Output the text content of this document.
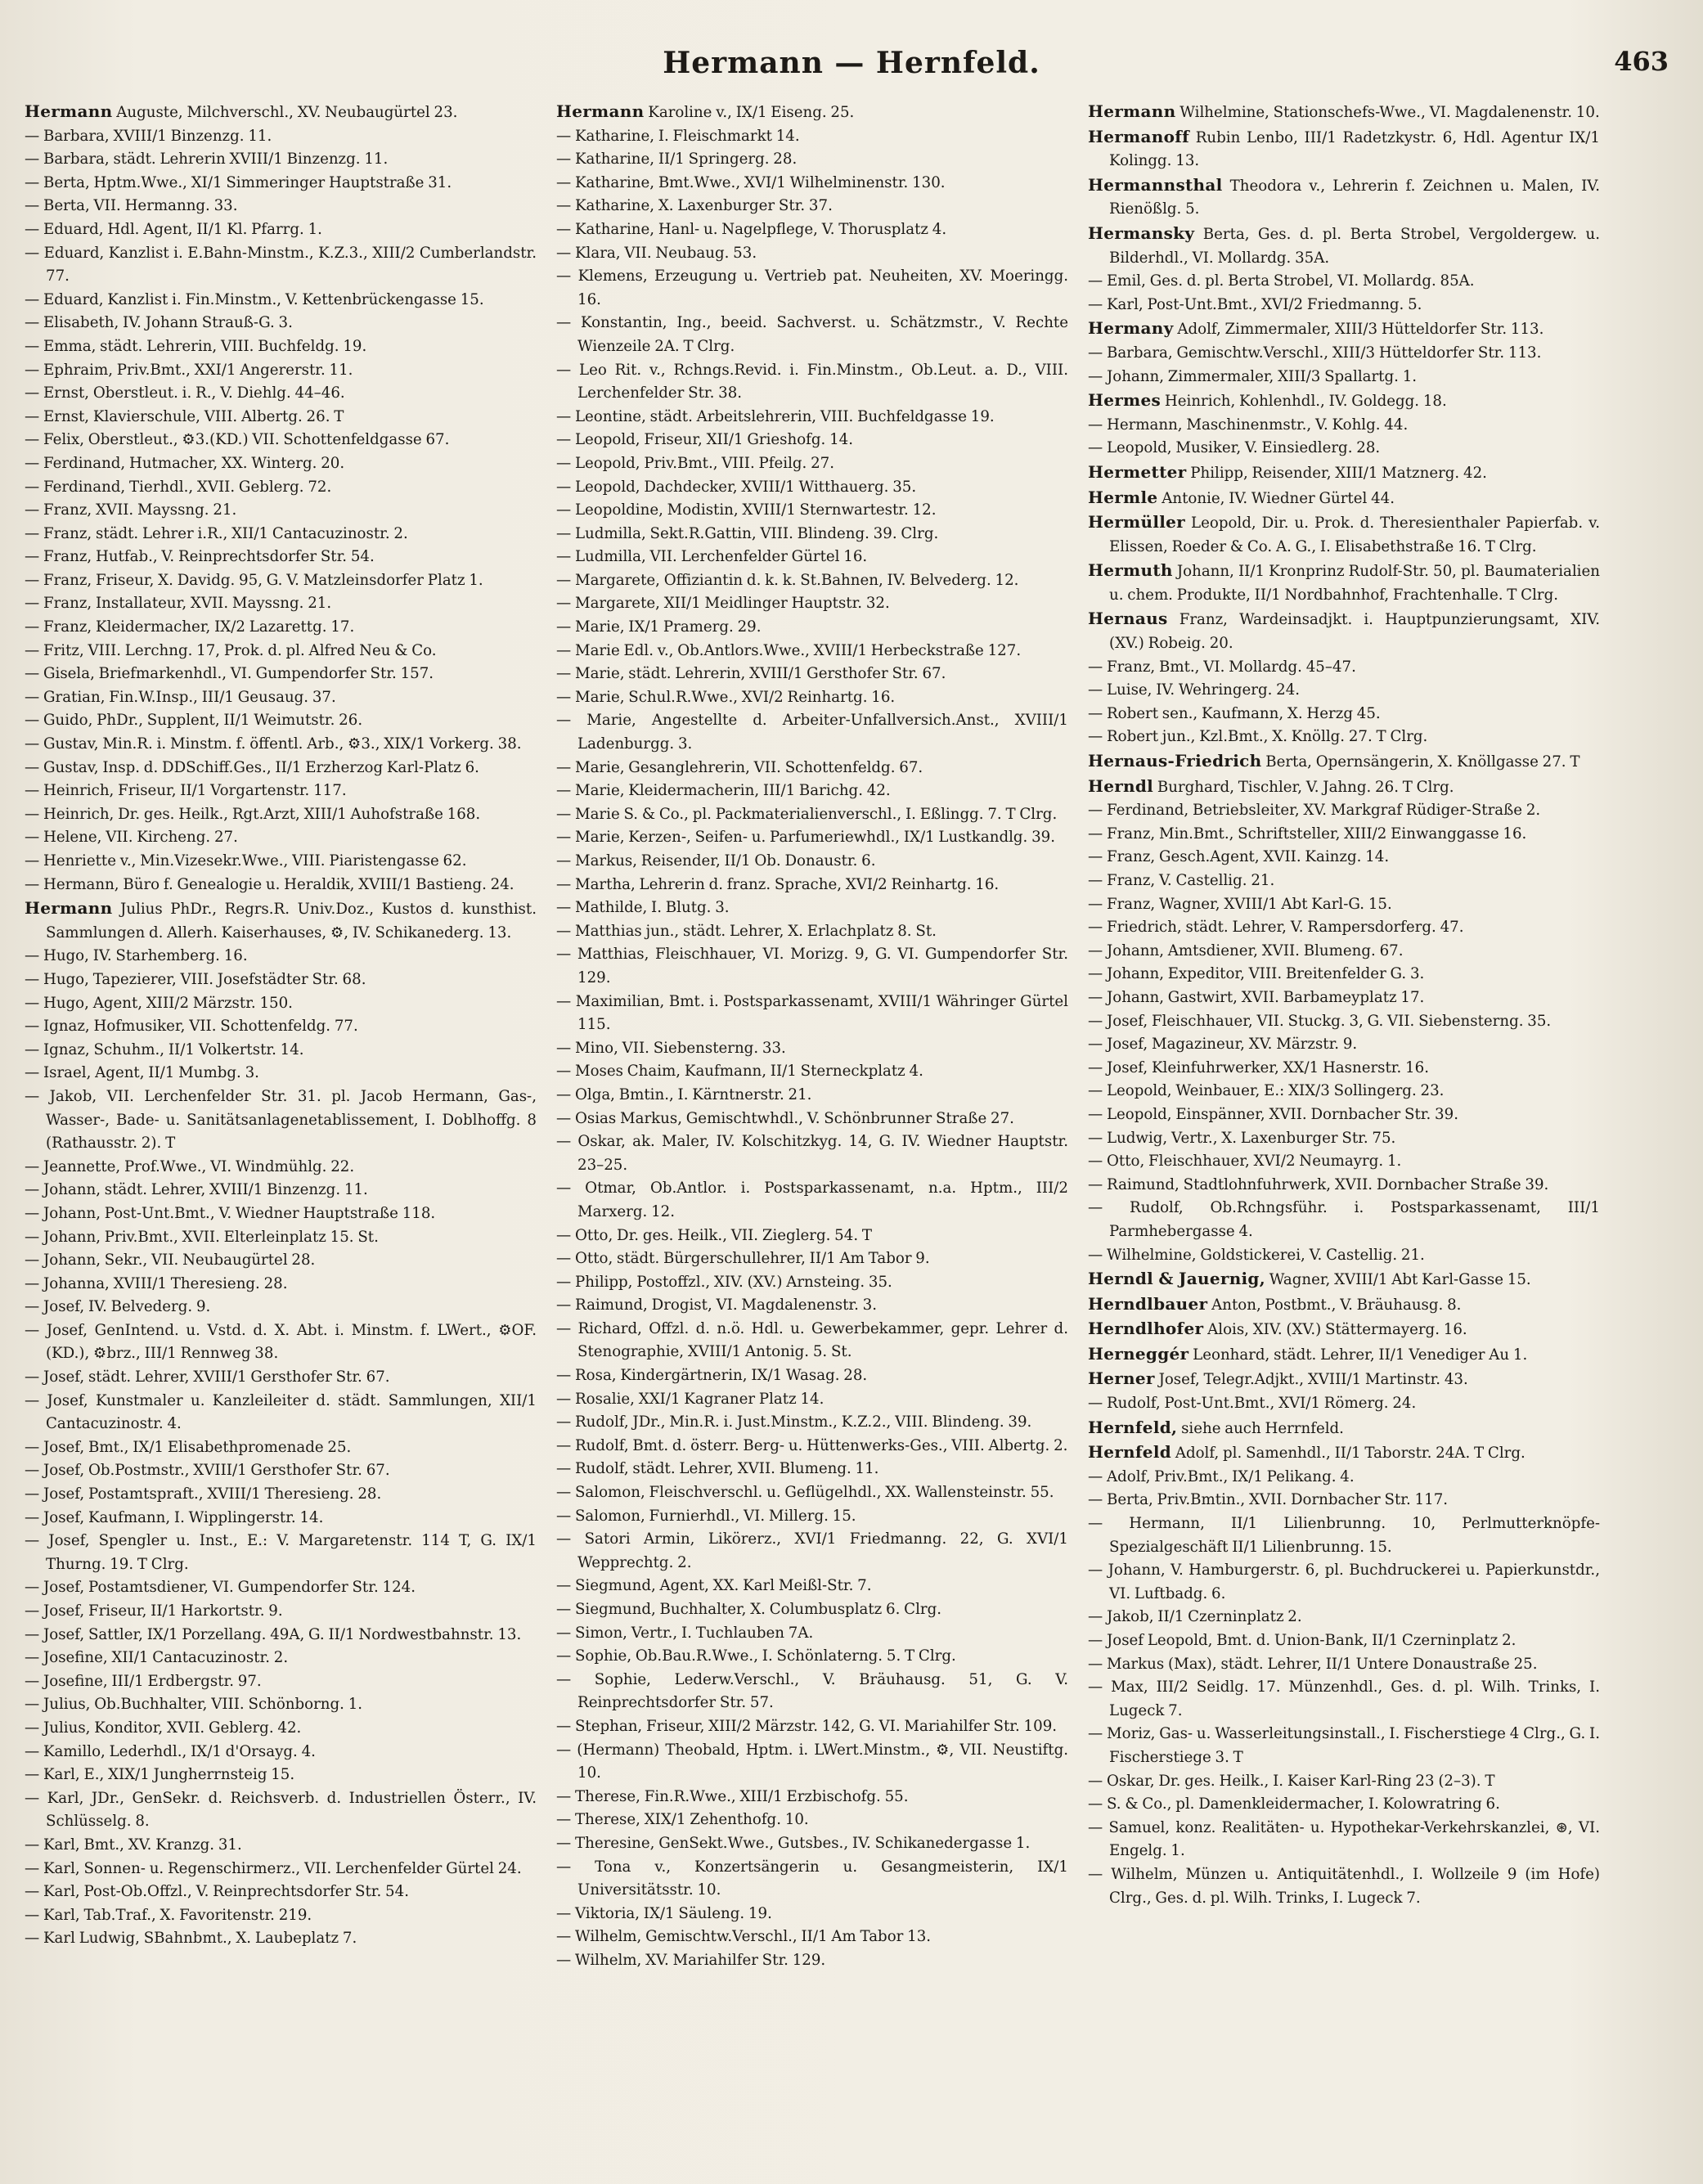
Hermann — Hernfeld.	463

Hermann Auguste, Milchverschl., XV. Neubaugürtel 23.

— Barbara, XVIII/1 Binzenzg. 11.

— Barbara, städt. Lehrerin XVIII/1 Binzenzg. 11.

— Berta, Hptm.Wwe., XI/1 Simmeringer Hauptstraße 31.

— Berta, VII. Hermanng. 33.

— Eduard, Hdl. Agent, II/1 Kl. Pfarrg. 1.

— Eduard, Kanzlist i. E.Bahn-Minstm., K.Z.3., XIII/2 Cumberlandstr. 77.

— Eduard, Kanzlist i. Fin.Minstm., V. Kettenbrückengasse 15.

— Elisabeth, IV. Johann Strauß-G. 3.

— Emma, städt. Lehrerin, VIII. Buchfeldg. 19.

— Ephraim, Priv.Bmt., XXI/1 Angererstr. 11.

— Ernst, Oberstleut. i. R., V. Diehlg. 44–46.

— Ernst, Klavierschule, VIII. Albertg. 26. T

— Felix, Oberstleut., ⚙3.(KD.) VII. Schottenfeldgasse 67.

— Ferdinand, Hutmacher, XX. Winterg. 20.

— Ferdinand, Tierhdl., XVII. Geblerg. 72.

— Franz, XVII. Mayssng. 21.

— Franz, städt. Lehrer i.R., XII/1 Cantacuzinostr. 2.

— Franz, Hutfab., V. Reinprechtsdorfer Str. 54.

— Franz, Friseur, X. Davidg. 95, G. V. Matzleinsdorfer Platz 1.

— Franz, Installateur, XVII. Mayssng. 21.

— Franz, Kleidermacher, IX/2 Lazarettg. 17.

— Fritz, VIII. Lerchng. 17, Prok. d. pl. Alfred Neu & Co.

— Gisela, Briefmarkenhdl., VI. Gumpendorfer Str. 157.

— Gratian, Fin.W.Insp., III/1 Geusaug. 37.

— Guido, PhDr., Supplent, II/1 Weimutstr. 26.

— Gustav, Min.R. i. Minstm. f. öffentl. Arb., ⚙3., XIX/1 Vorkerg. 38.

— Gustav, Insp. d. DDSchiff.Ges., II/1 Erzherzog Karl-Platz 6.

— Heinrich, Friseur, II/1 Vorgartenstr. 117.

— Heinrich, Dr. ges. Heilk., Rgt.Arzt, XIII/1 Auhofstraße 168.

— Helene, VII. Kircheng. 27.

— Henriette v., Min.Vizesekr.Wwe., VIII. Piaristengasse 62.

— Hermann, Büro f. Genealogie u. Heraldik, XVIII/1 Bastieng. 24.

Hermann Julius PhDr., Regrs.R. Univ.Doz., Kustos d. kunsthist. Sammlungen d. Allerh. Kaiserhauses, ⚙, IV. Schikanederg. 13.

— Hugo, IV. Starhemberg. 16.

— Hugo, Tapezierer, VIII. Josefstädter Str. 68.

— Hugo, Agent, XIII/2 Märzstr. 150.

— Ignaz, Hofmusiker, VII. Schottenfeldg. 77.

— Ignaz, Schuhm., II/1 Volkertstr. 14.

— Israel, Agent, II/1 Mumbg. 3.

— Jakob, VII. Lerchenfelder Str. 31. pl. Jacob Hermann, Gas-, Wasser-, Bade- u. Sanitätsanlagenetablissement, I. Doblhoffg. 8 (Rathausstr. 2). T

— Jeannette, Prof.Wwe., VI. Windmühlg. 22.

— Johann, städt. Lehrer, XVIII/1 Binzenzg. 11.

— Johann, Post-Unt.Bmt., V. Wiedner Hauptstraße 118.

— Johann, Priv.Bmt., XVII. Elterleinplatz 15. St.

— Johann, Sekr., VII. Neubaugürtel 28.

— Johanna, XVIII/1 Theresieng. 28.

— Josef, IV. Belvederg. 9.

— Josef, GenIntend. u. Vstd. d. X. Abt. i. Minstm. f. LWert., ⚙OF. (KD.), ⚙brz., III/1 Rennweg 38.

— Josef, städt. Lehrer, XVIII/1 Gersthofer Str. 67.

— Josef, Kunstmaler u. Kanzleileiter d. städt. Sammlungen, XII/1 Cantacuzinostr. 4.

— Josef, Bmt., IX/1 Elisabethpromenade 25.

— Josef, Ob.Postmstr., XVIII/1 Gersthofer Str. 67.

— Josef, Postamtspraft., XVIII/1 Theresieng. 28.

— Josef, Kaufmann, I. Wipplingerstr. 14.

— Josef, Spengler u. Inst., E.: V. Margaretenstr. 114 T, G. IX/1 Thurng. 19. T Clrg.

— Josef, Postamtsdiener, VI. Gumpendorfer Str. 124.

— Josef, Friseur, II/1 Harkortstr. 9.

— Josef, Sattler, IX/1 Porzellang. 49A, G. II/1 Nordwestbahnstr. 13.

— Josefine, XII/1 Cantacuzinostr. 2.

— Josefine, III/1 Erdbergstr. 97.

— Julius, Ob.Buchhalter, VIII. Schönborng. 1.

— Julius, Konditor, XVII. Geblerg. 42.

— Kamillo, Lederhdl., IX/1 d'Orsayg. 4.

— Karl, E., XIX/1 Jungherrnsteig 15.

— Karl, JDr., GenSekr. d. Reichsverb. d. Industriellen Österr., IV. Schlüsselg. 8.

— Karl, Bmt., XV. Kranzg. 31.

— Karl, Sonnen- u. Regenschirmerz., VII. Lerchenfelder Gürtel 24.

— Karl, Post-Ob.Offzl., V. Reinprechtsdorfer Str. 54.

— Karl, Tab.Traf., X. Favoritenstr. 219.

— Karl Ludwig, SBahnbmt., X. Laubeplatz 7.

Hermann Karoline v., IX/1 Eiseng. 25.

— Katharine, I. Fleischmarkt 14.

— Katharine, II/1 Springerg. 28.

— Katharine, Bmt.Wwe., XVI/1 Wilhelminenstr. 130.

— Katharine, X. Laxenburger Str. 37.

— Katharine, Hanl- u. Nagelpflege, V. Thorusplatz 4.

— Klara, VII. Neubaug. 53.

— Klemens, Erzeugung u. Vertrieb pat. Neuheiten, XV. Moeringg. 16.

— Konstantin, Ing., beeid. Sachverst. u. Schätzmstr., V. Rechte Wienzeile 2A. T Clrg.

— Leo Rit. v., Rchngs.Revid. i. Fin.Minstm., Ob.Leut. a. D., VIII. Lerchenfelder Str. 38.

— Leontine, städt. Arbeitslehrerin, VIII. Buchfeldgasse 19.

— Leopold, Friseur, XII/1 Grieshofg. 14.

— Leopold, Priv.Bmt., VIII. Pfeilg. 27.

— Leopold, Dachdecker, XVIII/1 Witthauerg. 35.

— Leopoldine, Modistin, XVIII/1 Sternwartestr. 12.

— Ludmilla, Sekt.R.Gattin, VIII. Blindeng. 39. Clrg.

— Ludmilla, VII. Lerchenfelder Gürtel 16.

— Margarete, Offiziantin d. k. k. St.Bahnen, IV. Belvederg. 12.

— Margarete, XII/1 Meidlinger Hauptstr. 32.

— Marie, IX/1 Pramerg. 29.

— Marie Edl. v., Ob.Antlors.Wwe., XVIII/1 Herbeckstraße 127.

— Marie, städt. Lehrerin, XVIII/1 Gersthofer Str. 67.

— Marie, Schul.R.Wwe., XVI/2 Reinhartg. 16.

— Marie, Angestellte d. Arbeiter-Unfallversich.Anst., XVIII/1 Ladenburgg. 3.

— Marie, Gesanglehrerin, VII. Schottenfeldg. 67.

— Marie, Kleidermacherin, III/1 Barichg. 42.

— Marie S. & Co., pl. Packmaterialienverschl., I. Eßlingg. 7. T Clrg.

— Marie, Kerzen-, Seifen- u. Parfumeriewhdl., IX/1 Lustkandlg. 39.

— Markus, Reisender, II/1 Ob. Donaustr. 6.

— Martha, Lehrerin d. franz. Sprache, XVI/2 Reinhartg. 16.

— Mathilde, I. Blutg. 3.

— Matthias jun., städt. Lehrer, X. Erlachplatz 8. St.

— Matthias, Fleischhauer, VI. Morizg. 9, G. VI. Gumpendorfer Str. 129.

— Maximilian, Bmt. i. Postsparkassenamt, XVIII/1 Währinger Gürtel 115.

— Mino, VII. Siebensterng. 33.

— Moses Chaim, Kaufmann, II/1 Sterneckplatz 4.

— Olga, Bmtin., I. Kärntnerstr. 21.

— Osias Markus, Gemischtwhdl., V. Schönbrunner Straße 27.

— Oskar, ak. Maler, IV. Kolschitzkyg. 14, G. IV. Wiedner Hauptstr. 23–25.

— Otmar, Ob.Antlor. i. Postsparkassenamt, n.a. Hptm., III/2 Marxerg. 12.

— Otto, Dr. ges. Heilk., VII. Zieglerg. 54. T

— Otto, städt. Bürgerschullehrer, II/1 Am Tabor 9.

— Philipp, Postoffzl., XIV. (XV.) Arnsteing. 35.

— Raimund, Drogist, VI. Magdalenenstr. 3.

— Richard, Offzl. d. n.ö. Hdl. u. Gewerbekammer, gepr. Lehrer d. Stenographie, XVIII/1 Antonig. 5. St.

— Rosa, Kindergärtnerin, IX/1 Wasag. 28.

— Rosalie, XXI/1 Kagraner Platz 14.

— Rudolf, JDr., Min.R. i. Just.Minstm., K.Z.2., VIII. Blindeng. 39.

— Rudolf, Bmt. d. österr. Berg- u. Hüttenwerks-Ges., VIII. Albertg. 2.

— Rudolf, städt. Lehrer, XVII. Blumeng. 11.

— Salomon, Fleischverschl. u. Geflügelhdl., XX. Wallensteinstr. 55.

— Salomon, Furnierhdl., VI. Millerg. 15.

— Satori Armin, Likörerz., XVI/1 Friedmanng. 22, G. XVI/1 Wepprechtg. 2.

— Siegmund, Agent, XX. Karl Meißl-Str. 7.

— Siegmund, Buchhalter, X. Columbusplatz 6. Clrg.

— Simon, Vertr., I. Tuchlauben 7A.

— Sophie, Ob.Bau.R.Wwe., I. Schönlaterng. 5. T Clrg.

— Sophie, Lederw.Verschl., V. Bräuhausg. 51, G. V. Reinprechtsdorfer Str. 57.

— Stephan, Friseur, XIII/2 Märzstr. 142, G. VI. Mariahilfer Str. 109.

— (Hermann) Theobald, Hptm. i. LWert.Minstm., ⚙, VII. Neustiftg. 10.

— Therese, Fin.R.Wwe., XIII/1 Erzbischofg. 55.

— Therese, XIX/1 Zehenthofg. 10.

— Theresine, GenSekt.Wwe., Gutsbes., IV. Schikanedergasse 1.

— Tona v., Konzertsängerin u. Gesangmeisterin, IX/1 Universitätsstr. 10.

— Viktoria, IX/1 Säuleng. 19.

— Wilhelm, Gemischtw.Verschl., II/1 Am Tabor 13.

— Wilhelm, XV. Mariahilfer Str. 129.

Hermann Wilhelmine, Stationschefs-Wwe., VI. Magdalenenstr. 10.

Hermanoff Rubin Lenbo, III/1 Radetzkystr. 6, Hdl. Agentur IX/1 Kolingg. 13.

Hermannsthal Theodora v., Lehrerin f. Zeichnen u. Malen, IV. Rienößlg. 5.

Hermansky Berta, Ges. d. pl. Berta Strobel, Vergoldergew. u. Bilderhdl., VI. Mollardg. 35A.

— Emil, Ges. d. pl. Berta Strobel, VI. Mollardg. 85A.

— Karl, Post-Unt.Bmt., XVI/2 Friedmanng. 5.

Hermany Adolf, Zimmermaler, XIII/3 Hütteldorfer Str. 113.

— Barbara, Gemischtw.Verschl., XIII/3 Hütteldorfer Str. 113.

— Johann, Zimmermaler, XIII/3 Spallartg. 1.

Hermes Heinrich, Kohlenhdl., IV. Goldegg. 18.

— Hermann, Maschinenmstr., V. Kohlg. 44.

— Leopold, Musiker, V. Einsiedlerg. 28.

Hermetter Philipp, Reisender, XIII/1 Matznerg. 42.

Hermle Antonie, IV. Wiedner Gürtel 44.

Hermüller Leopold, Dir. u. Prok. d. Theresienthaler Papierfab. v. Elissen, Roeder & Co. A. G., I. Elisabethstraße 16. T Clrg.

Hermuth Johann, II/1 Kronprinz Rudolf-Str. 50, pl. Baumaterialien u. chem. Produkte, II/1 Nordbahnhof, Frachtenhalle. T Clrg.

Hernaus Franz, Wardeinsadjkt. i. Hauptpunzierungsamt, XIV. (XV.) Robeig. 20.

— Franz, Bmt., VI. Mollardg. 45–47.

— Luise, IV. Wehringerg. 24.

— Robert sen., Kaufmann, X. Herzg 45.

— Robert jun., Kzl.Bmt., X. Knöllg. 27. T Clrg.

Hernaus-Friedrich Berta, Opernsängerin, X. Knöllgasse 27. T

Herndl Burghard, Tischler, V. Jahng. 26. T Clrg.

— Ferdinand, Betriebsleiter, XV. Markgraf Rüdiger-Straße 2.

— Franz, Min.Bmt., Schriftsteller, XIII/2 Einwanggasse 16.

— Franz, Gesch.Agent, XVII. Kainzg. 14.

— Franz, V. Castellig. 21.

— Franz, Wagner, XVIII/1 Abt Karl-G. 15.

— Friedrich, städt. Lehrer, V. Rampersdorferg. 47.

— Johann, Amtsdiener, XVII. Blumeng. 67.

— Johann, Expeditor, VIII. Breitenfelder G. 3.

— Johann, Gastwirt, XVII. Barbameyplatz 17.

— Josef, Fleischhauer, VII. Stuckg. 3, G. VII. Siebensterng. 35.

— Josef, Magazineur, XV. Märzstr. 9.

— Josef, Kleinfuhrwerker, XX/1 Hasnerstr. 16.

— Leopold, Weinbauer, E.: XIX/3 Sollingerg. 23.

— Leopold, Einspänner, XVII. Dornbacher Str. 39.

— Ludwig, Vertr., X. Laxenburger Str. 75.

— Otto, Fleischhauer, XVI/2 Neumayrg. 1.

— Raimund, Stadtlohnfuhrwerk, XVII. Dornbacher Straße 39.

— Rudolf, Ob.Rchngsführ. i. Postsparkassenamt, III/1 Parmhebergasse 4.

— Wilhelmine, Goldstickerei, V. Castellig. 21.

Herndl & Jauernig, Wagner, XVIII/1 Abt Karl-Gasse 15.

Herndlbauer Anton, Postbmt., V. Bräuhausg. 8.

Herndlhofer Alois, XIV. (XV.) Stättermayerg. 16.

Herneggér Leonhard, städt. Lehrer, II/1 Venediger Au 1.

Herner Josef, Telegr.Adjkt., XVIII/1 Martinstr. 43.

— Rudolf, Post-Unt.Bmt., XVI/1 Römerg. 24.

Hernfeld, siehe auch Herrnfeld.

Hernfeld Adolf, pl. Samenhdl., II/1 Taborstr. 24A. T Clrg.

— Adolf, Priv.Bmt., IX/1 Pelikang. 4.

— Berta, Priv.Bmtin., XVII. Dornbacher Str. 117.

— Hermann, II/1 Lilienbrunng. 10, Perlmutterknöpfe-Spezialgeschäft II/1 Lilienbrunng. 15.

— Johann, V. Hamburgerstr. 6, pl. Buchdruckerei u. Papierkunstdr., VI. Luftbadg. 6.

— Jakob, II/1 Czerninplatz 2.

— Josef Leopold, Bmt. d. Union-Bank, II/1 Czerninplatz 2.

— Markus (Max), städt. Lehrer, II/1 Untere Donaustraße 25.

— Max, III/2 Seidlg. 17. Münzenhdl., Ges. d. pl. Wilh. Trinks, I. Lugeck 7.

— Moriz, Gas- u. Wasserleitungsinstall., I. Fischerstiege 4 Clrg., G. I. Fischerstiege 3. T

— Oskar, Dr. ges. Heilk., I. Kaiser Karl-Ring 23 (2–3). T

— S. & Co., pl. Damenkleidermacher, I. Kolowratring 6.

— Samuel, konz. Realitäten- u. Hypothekar-Verkehrskanzlei, ⊛, VI. Engelg. 1.

— Wilhelm, Münzen u. Antiquitätenhdl., I. Wollzeile 9 (im Hofe) Clrg., Ges. d. pl. Wilh. Trinks, I. Lugeck 7.
